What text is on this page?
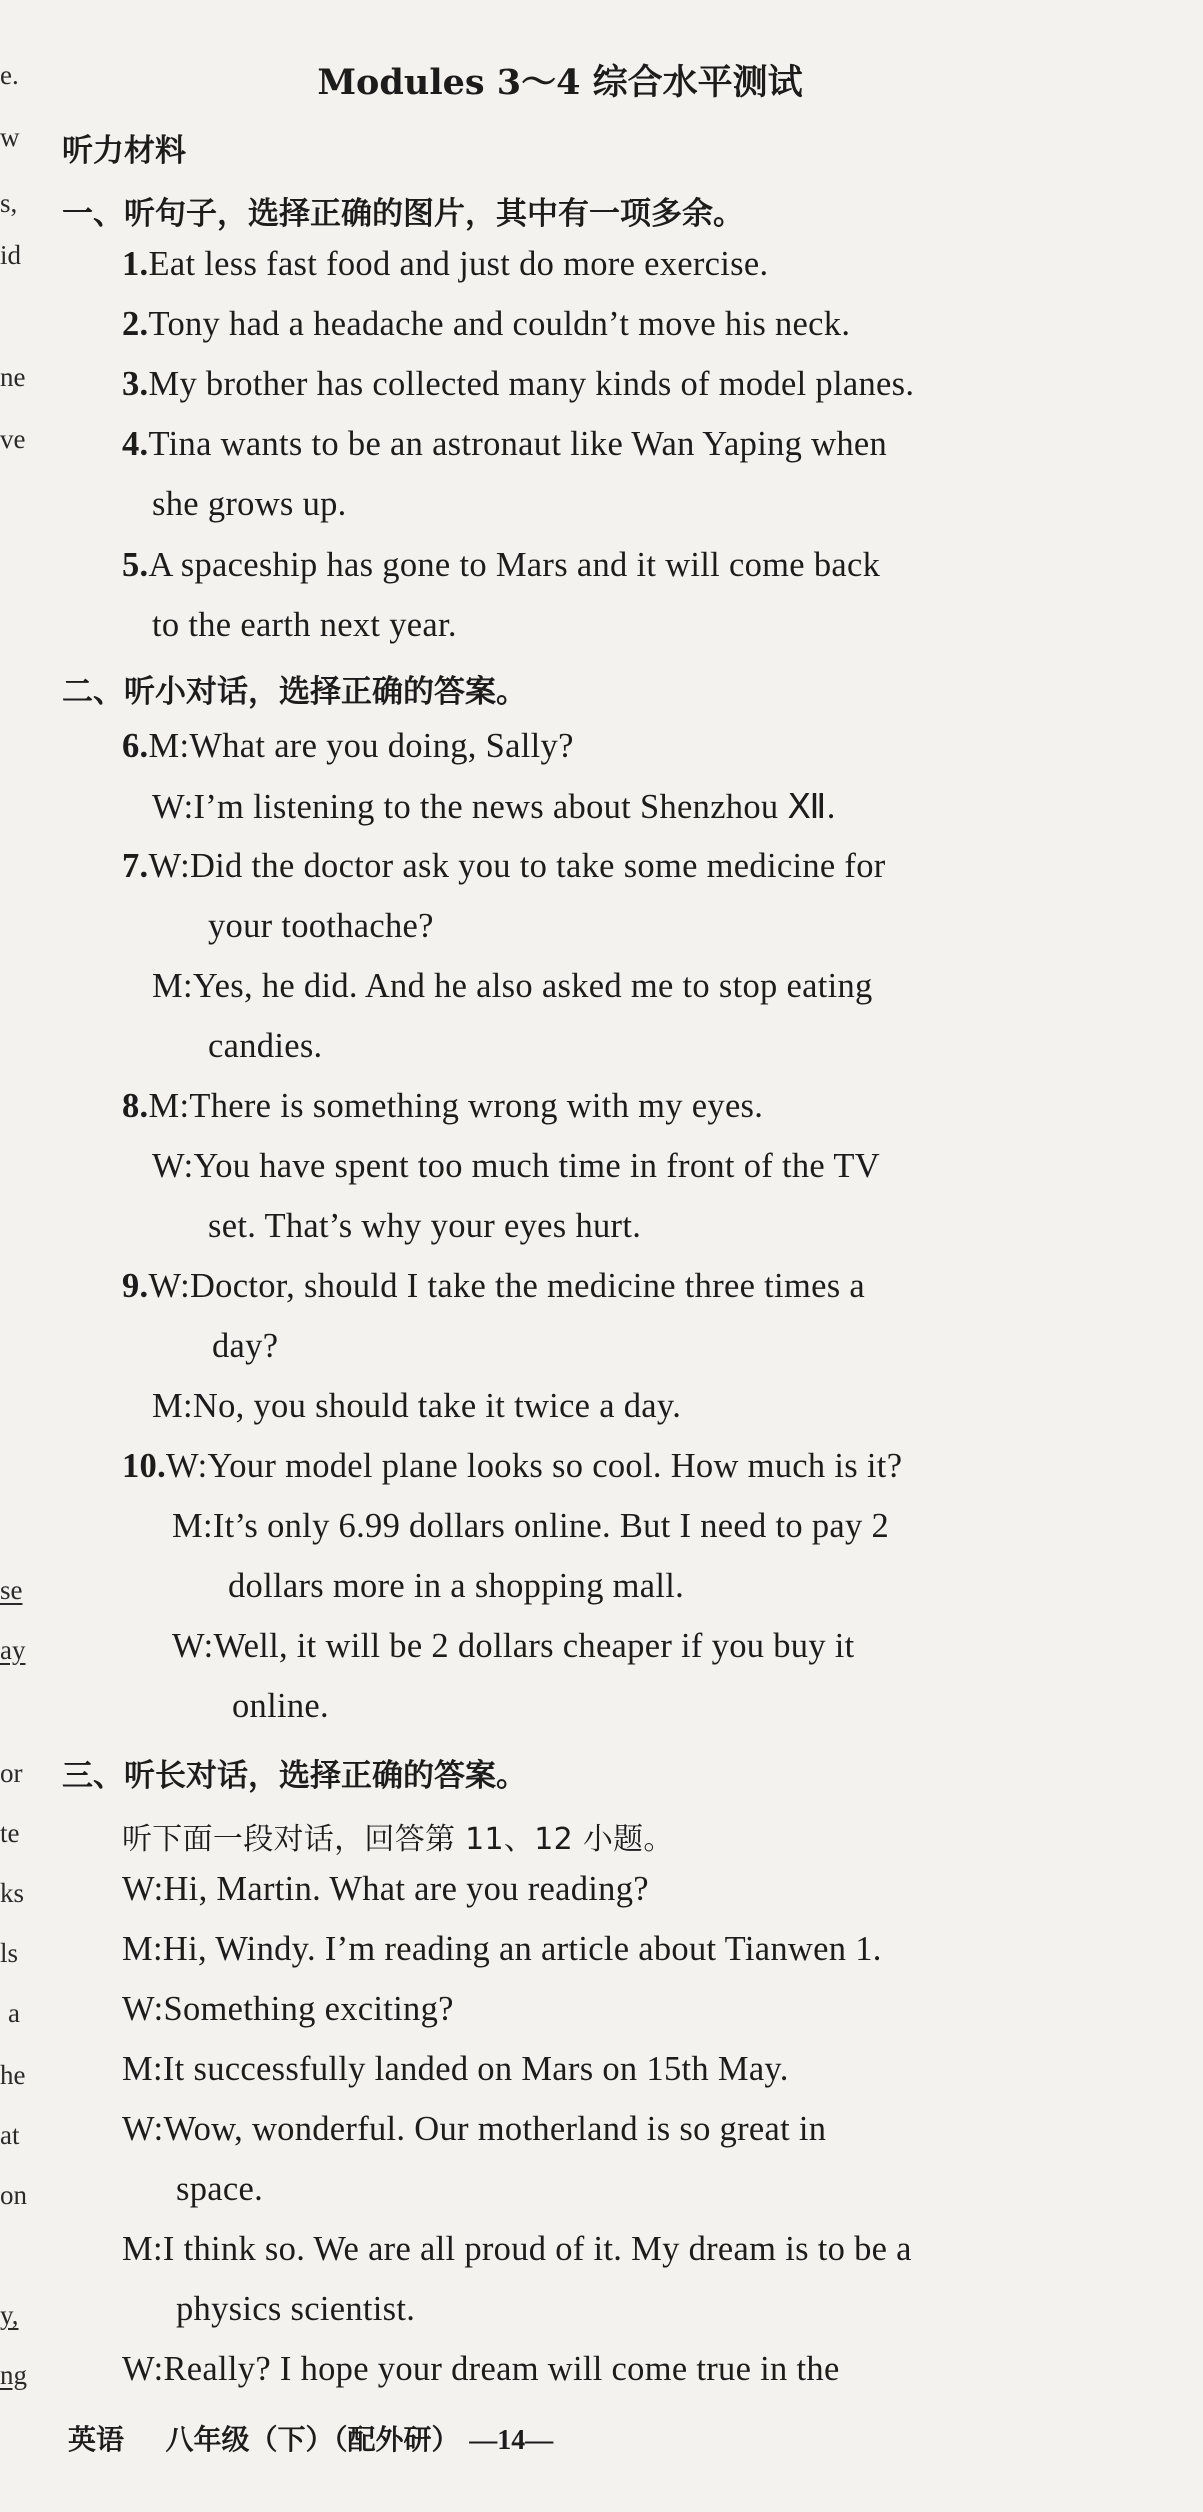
e.
w
s,
id
ne
ve
se
ay
or
te
ks
ls
a
he
at
on
y,
ng
Modules 3～4 综合水平测试
听力材料
一、听句子，选择正确的图片，其中有一项多余。
1.Eat less fast food and just do more exercise.
2.Tony had a headache and couldn’t move his neck.
3.My brother has collected many kinds of model planes.
4.Tina wants to be an astronaut like Wan Yaping when
she grows up.
5.A spaceship has gone to Mars and it will come back
to the earth next year.
二、听小对话，选择正确的答案。
6.M:What are you doing, Sally?
W:I’m listening to the news about Shenzhou Ⅻ.
7.W:Did the doctor ask you to take some medicine for
your toothache?
M:Yes, he did. And he also asked me to stop eating
candies.
8.M:There is something wrong with my eyes.
W:You have spent too much time in front of the TV
set. That’s why your eyes hurt.
9.W:Doctor, should I take the medicine three times a
day?
M:No, you should take it twice a day.
10.W:Your model plane looks so cool. How much is it?
M:It’s only 6.99 dollars online. But I need to pay 2
dollars more in a shopping mall.
W:Well, it will be 2 dollars cheaper if you buy it
online.
三、听长对话，选择正确的答案。
听下面一段对话，回答第 11、12 小题。
W:Hi, Martin. What are you reading?
M:Hi, Windy. I’m reading an article about Tianwen 1.
W:Something exciting?
M:It successfully landed on Mars on 15th May.
W:Wow, wonderful. Our motherland is so great in
space.
M:I think so. We are all proud of it. My dream is to be a
physics scientist.
W:Really? I hope your dream will come true in the
英语 八年级（下）（配外研） —14—
